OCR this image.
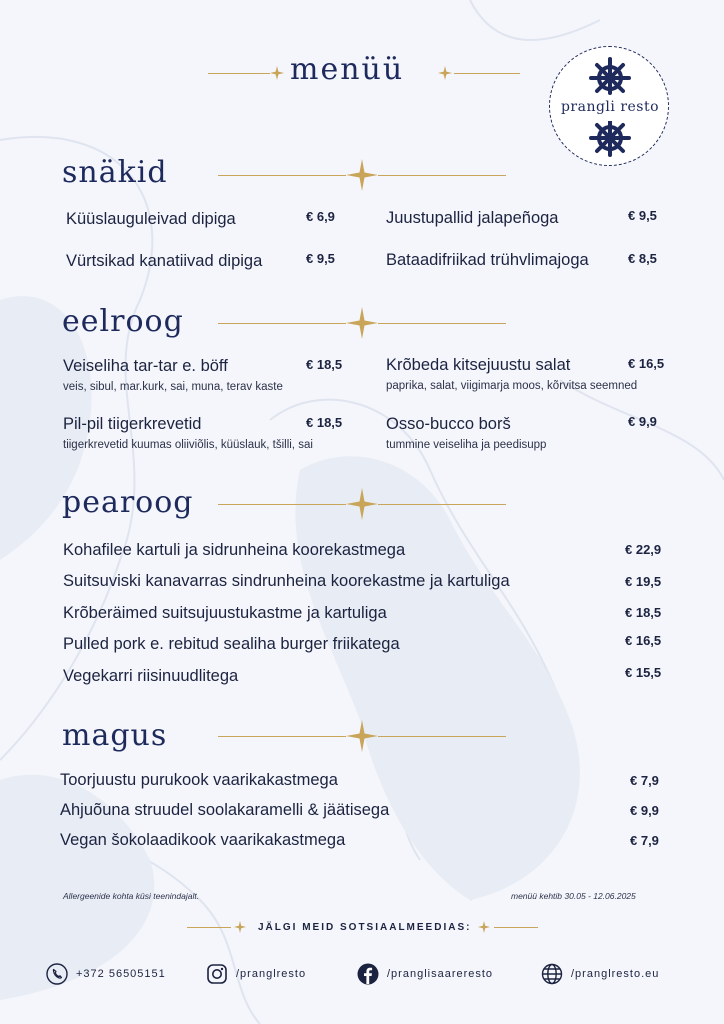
menüü
prangli resto
snäkid
Küüslauguleivad dipiga	€ 6,9
Vürtsikad kanatiivad dipiga	€ 9,5
Juustupallid jalapeñoga	€ 9,5
Bataadifriikad trühvlimajoga	€ 8,5
eelroog
Veiseliha tar-tar e. böff
veis, sibul, mar.kurk, sai, muna, terav kaste
€ 18,5
Pil-pil tiigerkrevetid
tiigerkrevetid kuumas oliiviõlis, küüslauk, tšilli, sai
€ 18,5
Krõbeda kitsejuustu salat
paprika, salat, viigimarja moos, kõrvitsa seemned
€ 16,5
Osso-bucco borš
tummine veiseliha ja peedisupp
€ 9,9
pearoog
Kohafilee kartuli ja sidrunheina koorekastmega	€ 22,9
Suitsuviski kanavarras sindrunheina koorekastme ja kartuliga	€ 19,5
Krõberäimed suitsujuustukastme ja kartuliga	€ 18,5
Pulled pork e. rebitud sealiha burger friikatega	€ 16,5
Vegekarri riisinuudlitega	€ 15,5
magus
Toorjuustu purukook vaarikakastmega	€ 7,9
Ahjuõuna struudel soolakaramelli & jäätisega	€ 9,9
Vegan šokolaadikook vaarikakastmega	€ 7,9
Allergeenide kohta küsi teenindajalt.	menüü kehtib 30.05 - 12.06.2025
JÄLGI MEID SOTSIAALMEEDIAS:
+372 56505151	/pranglresto	/pranglisaareresto	/pranglresto.eu
